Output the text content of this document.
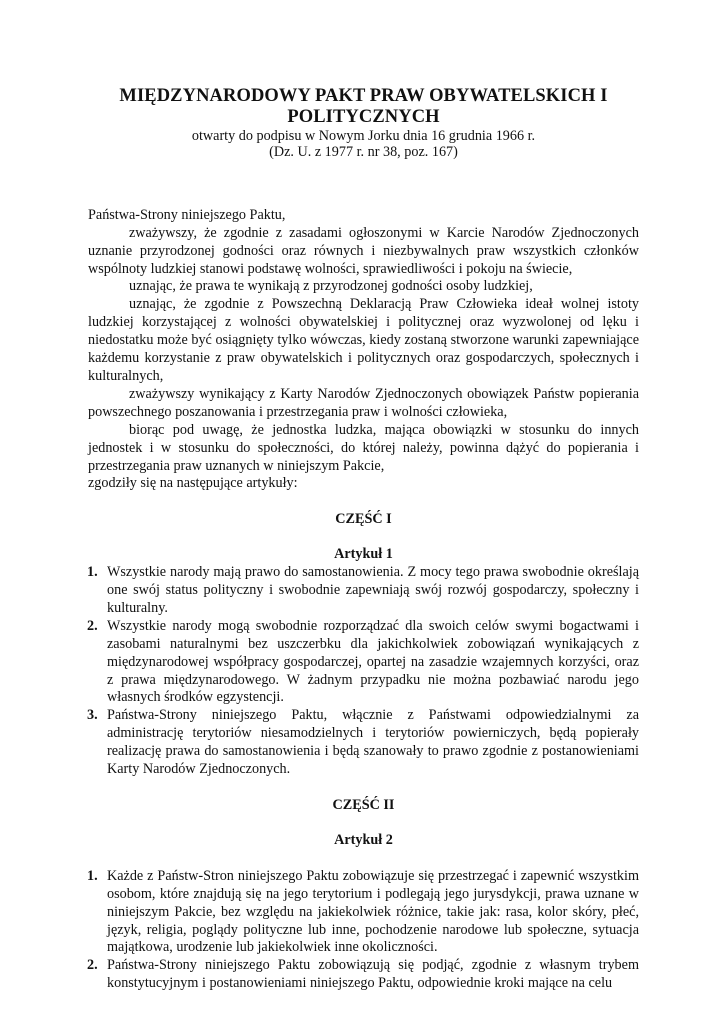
MIĘDZYNARODOWY PAKT PRAW OBYWATELSKICH I POLITYCZNYCH

otwarty do podpisu w Nowym Jorku dnia 16 grudnia 1966 r.

(Dz. U. z 1977 r. nr 38, poz. 167)

Państwa-Strony niniejszego Paktu,

zważywszy, że zgodnie z zasadami ogłoszonymi w Karcie Narodów Zjednoczonych uznanie przyrodzonej godności oraz równych i niezbywalnych praw wszystkich członków wspólnoty ludzkiej stanowi podstawę wolności, sprawiedliwości i pokoju na świecie,

uznając, że prawa te wynikają z przyrodzonej godności osoby ludzkiej,

uznając, że zgodnie z Powszechną Deklaracją Praw Człowieka ideał wolnej istoty ludzkiej korzystającej z wolności obywatelskiej i politycznej oraz wyzwolonej od lęku i niedostatku może być osiągnięty tylko wówczas, kiedy zostaną stworzone warunki zapewniające każdemu korzystanie z praw obywatelskich i politycznych oraz gospodarczych, społecznych i kulturalnych,

zważywszy wynikający z Karty Narodów Zjednoczonych obowiązek Państw popierania powszechnego poszanowania i przestrzegania praw i wolności człowieka,

biorąc pod uwagę, że jednostka ludzka, mająca obowiązki w stosunku do innych jednostek i w stosunku do społeczności, do której należy, powinna dążyć do popierania i przestrzegania praw uznanych w niniejszym Pakcie,

zgodziły się na następujące artykuły:

CZĘŚĆ I
Artykuł 1
1. Wszystkie narody mają prawo do samostanowienia. Z mocy tego prawa swobodnie określają one swój status polityczny i swobodnie zapewniają swój rozwój gospodarczy, społeczny i kulturalny.
2. Wszystkie narody mogą swobodnie rozporządzać dla swoich celów swymi bogactwami i zasobami naturalnymi bez uszczerbku dla jakichkolwiek zobowiązań wynikających z międzynarodowej współpracy gospodarczej, opartej na zasadzie wzajemnych korzyści, oraz z prawa międzynarodowego. W żadnym przypadku nie można pozbawiać narodu jego własnych środków egzystencji.
3. Państwa-Strony niniejszego Paktu, włącznie z Państwami odpowiedzialnymi za administrację terytoriów niesamodzielnych i terytoriów powierniczych, będą popierały realizację prawa do samostanowienia i będą szanowały to prawo zgodnie z postanowieniami Karty Narodów Zjednoczonych.
CZĘŚĆ II
Artykuł 2
1. Każde z Państw-Stron niniejszego Paktu zobowiązuje się przestrzegać i zapewnić wszystkim osobom, które znajdują się na jego terytorium i podlegają jego jurysdykcji, prawa uznane w niniejszym Pakcie, bez względu na jakiekolwiek różnice, takie jak: rasa, kolor skóry, płeć, język, religia, poglądy polityczne lub inne, pochodzenie narodowe lub społeczne, sytuacja majątkowa, urodzenie lub jakiekolwiek inne okoliczności.
2. Państwa-Strony niniejszego Paktu zobowiązują się podjąć, zgodnie z własnym trybem konstytucyjnym i postanowieniami niniejszego Paktu, odpowiednie kroki mające na celu
